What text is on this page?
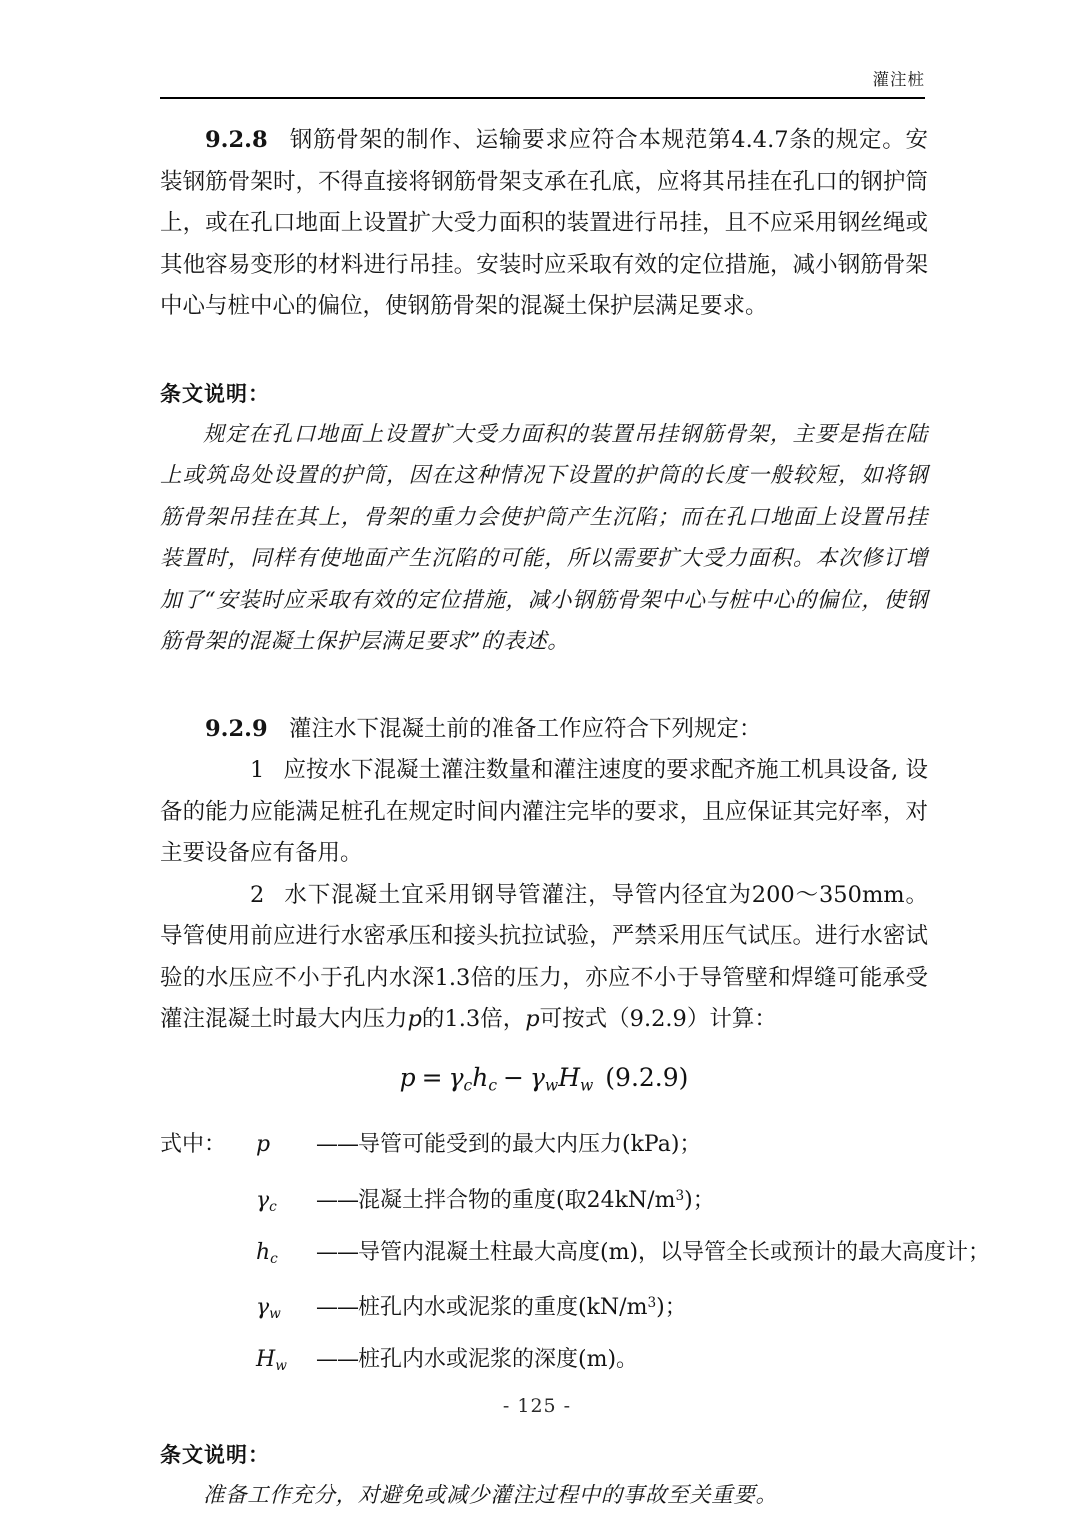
灌注桩

9.2.8 钢筋骨架的制作、运输要求应符合本规范第4.4.7条的规定。安装钢筋骨架时，不得直接将钢筋骨架支承在孔底，应将其吊挂在孔口的钢护筒上，或在孔口地面上设置扩大受力面积的装置进行吊挂，且不应采用钢丝绳或其他容易变形的材料进行吊挂。安装时应采取有效的定位措施，减小钢筋骨架中心与桩中心的偏位，使钢筋骨架的混凝土保护层满足要求。

条文说明：

规定在孔口地面上设置扩大受力面积的装置吊挂钢筋骨架，主要是指在陆上或筑岛处设置的护筒，因在这种情况下设置的护筒的长度一般较短，如将钢筋骨架吊挂在其上，骨架的重力会使护筒产生沉陷；而在孔口地面上设置吊挂装置时，同样有使地面产生沉陷的可能，所以需要扩大受力面积。本次修订增加了“安装时应采取有效的定位措施，减小钢筋骨架中心与桩中心的偏位，使钢筋骨架的混凝土保护层满足要求”的表述。

9.2.9 灌注水下混凝土前的准备工作应符合下列规定：

1 应按水下混凝土灌注数量和灌注速度的要求配齐施工机具设备, 设备的能力应能满足桩孔在规定时间内灌注完毕的要求，且应保证其完好率，对主要设备应有备用。

2 水下混凝土宜采用钢导管灌注，导管内径宜为200～350mm。导管使用前应进行水密承压和接头抗拉试验，严禁采用压气试压。进行水密试验的水压应不小于孔内水深1.3倍的压力，亦应不小于导管壁和焊缝可能承受灌注混凝土时最大内压力p的1.3倍，p可按式（9.2.9）计算：

$p = \gamma_ch_c - \gamma_wH_w$ (9.2.9)

式中：	p	—— 导管可能受到的最大内压力(kPa)；
$\gamma_c$	—— 混凝土拌合物的重度(取$24kN/m^3$)；
$h_c$	—— 导管内混凝土柱最大高度(m)，以导管全长或预计的最大高度计；
$\gamma_w$	—— 桩孔内水或泥浆的重度$(kN/m^3)$；
$H_w$	—— 桩孔内水或泥浆的深度(m)。

条文说明：

准备工作充分，对避免或减少灌注过程中的事故至关重要。

- 125 -
